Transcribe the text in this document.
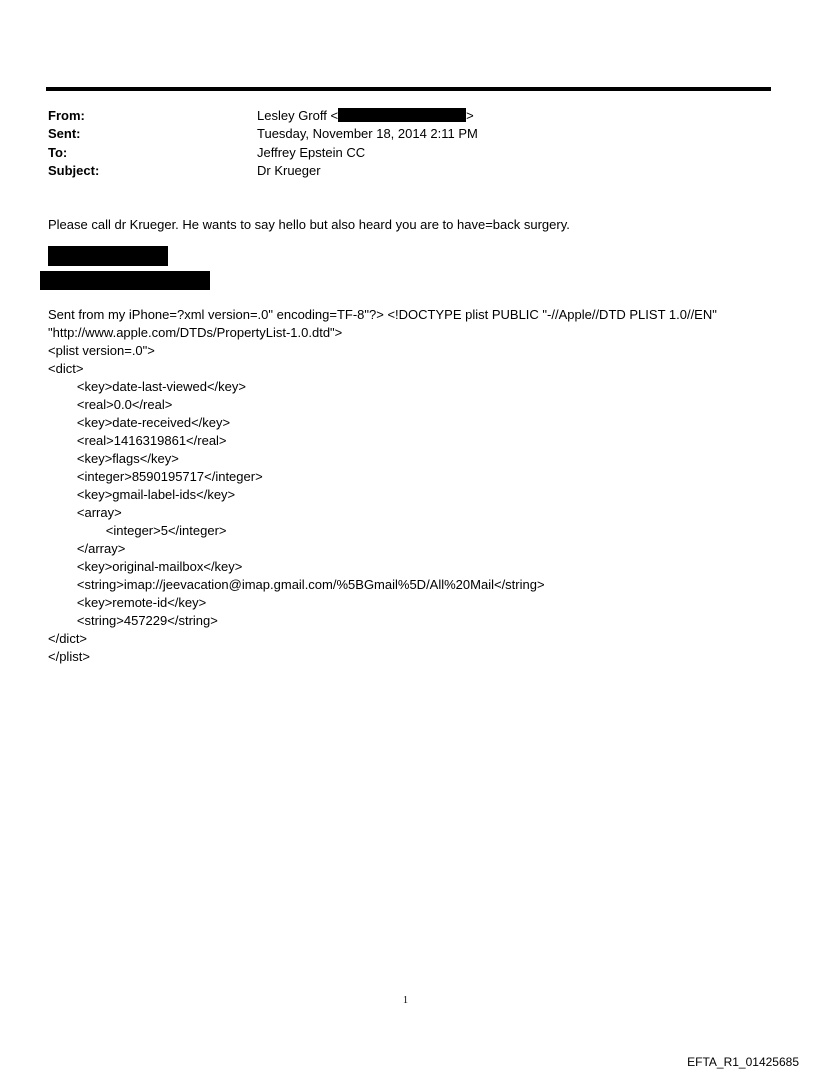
From:	Lesley Groff <	>
Sent:	Tuesday, November 18, 2014 2:11 PM
To:	Jeffrey Epstein CC
Subject:	Dr Krueger
Please call dr Krueger. He wants to say hello but also heard you are to have=back surgery.
Sent from my iPhone=?xml version=.0" encoding=TF-8"?> <!DOCTYPE plist PUBLIC "-//Apple//DTD PLIST 1.0//EN"
"http://www.apple.com/DTDs/PropertyList-1.0.dtd">
<plist version=.0">
<dict>
<key>date-last-viewed</key>
<real>0.0</real>
<key>date-received</key>
<real>1416319861</real>
<key>flags</key>
<integer>8590195717</integer>
<key>gmail-label-ids</key>
<array>
<integer>5</integer>
</array>
<key>original-mailbox</key>
<string>imap://jeevacation@imap.gmail.com/%5BGmail%5D/All%20Mail</string>
<key>remote-id</key>
<string>457229</string>
</dict>
</plist>
1
EFTA_R1_01425685
